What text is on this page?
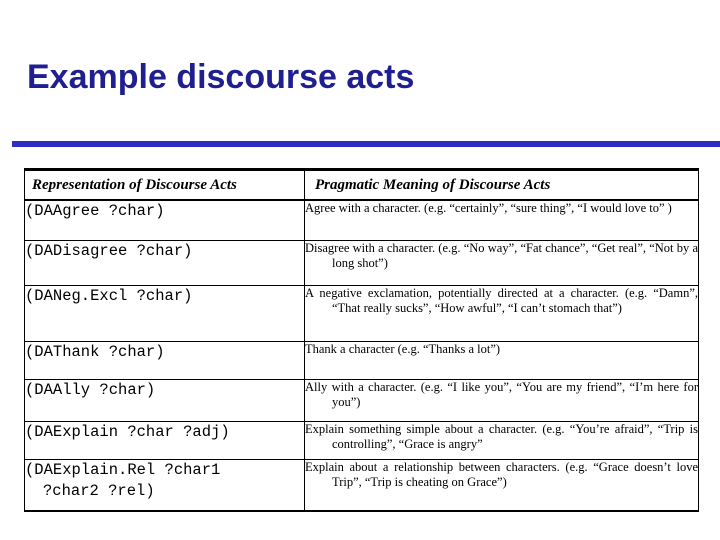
Example discourse acts
Representation of Discourse Acts	Pragmatic Meaning of Discourse Acts

(DAAgree ?char)	Agree with a character. (e.g. “certainly”, “sure thing”, “I would love to” )

(DADisagree ?char)	Disagree with a character. (e.g. “No way”, “Fat chance”, “Get real”, “Not by a long shot”)

(DANeg.Excl ?char)	A negative exclamation, potentially directed at a character. (e.g. “Damn”, “That really sucks”, “How awful”, “I can’t stomach that”)

(DAThank ?char)	Thank a character (e.g. “Thanks a lot”)

(DAAlly ?char)	Ally with a character. (e.g. “I like you”, “You are my friend”, “I’m here for you”)

(DAExplain ?char ?adj)	Explain something simple about a character. (e.g. “You’re afraid”, “Trip is controlling”, “Grace is angry”

(DAExplain.Rel ?char1
?char2 ?rel)	Explain about a relationship between characters. (e.g. “Grace doesn’t love Trip”, “Trip is cheating on Grace”)
